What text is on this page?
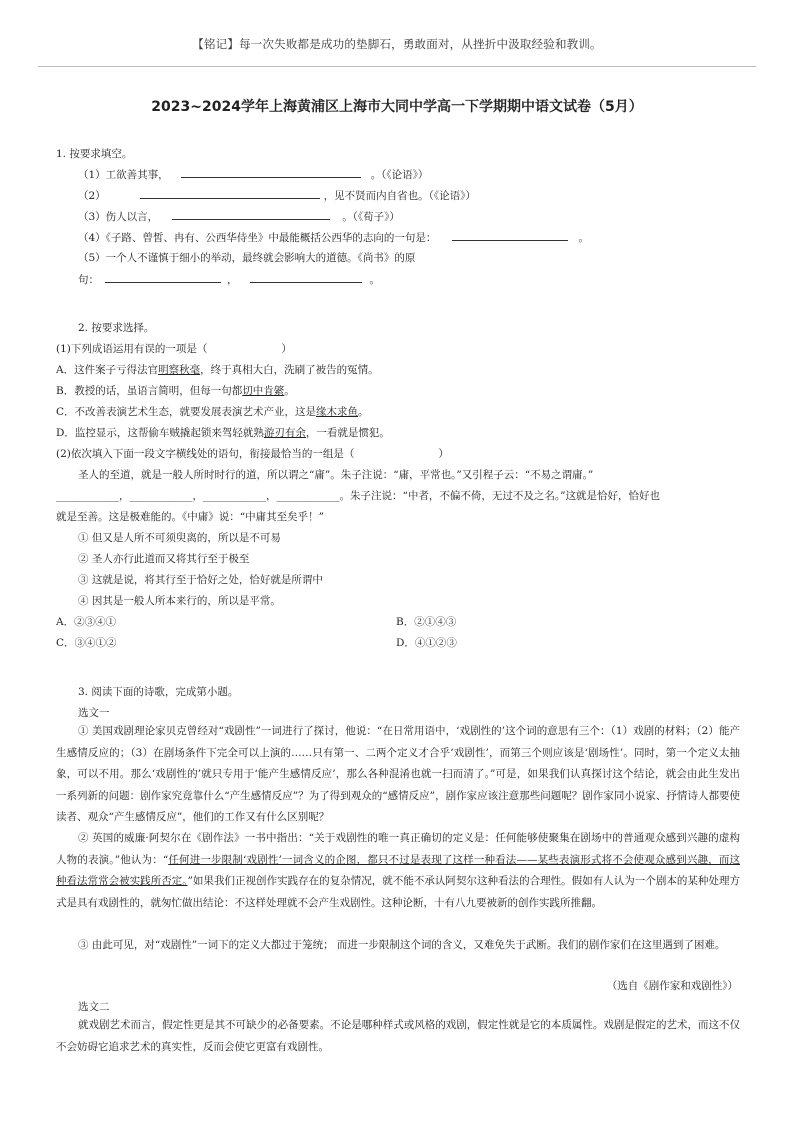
【铭记】每一次失败都是成功的垫脚石，勇敢面对，从挫折中汲取经验和教训。
2023~2024学年上海黄浦区上海市大同中学高一下学期期中语文试卷（5月）
1. 按要求填空。
（1）工欲善其事，	。（《论语》）
（2）	，见不贤而内自省也。（《论语》）
（3）伤人以言，	。（《荀子》）
（4）《子路、曾皙、冉有、公西华侍坐》中最能概括公西华的志向的一句是：	。
（5）一个人不谨慎于细小的举动，最终就会影响大的道德。《尚书》的原
句：	，	。
2. 按要求选择。
(1)下列成语运用有误的一项是（	）
A．这件案子亏得法官明察秋毫，终于真相大白，洗刷了被告的冤情。
B．教授的话，虽语言简明，但每一句都切中肯綮。
C．不改善表演艺术生态，就要发展表演艺术产业，这是缘木求鱼。
D．监控显示，这帮偷车贼撬起锁来驾轻就熟游刃有余，一看就是惯犯。
(2)依次填入下面一段文字横线处的语句，衔接最恰当的一组是（	）
圣人的至道，就是一般人所时时行的道，所以谓之“庸”。朱子注说：“庸，平常也。”又引程子云：“不易之谓庸。”
____________，____________，____________，____________。朱子注说：“中者，不偏不倚，无过不及之名。”这就是恰好，恰好也
就是至善。这是极难能的。《中庸》说：“中庸其至矣乎！”
① 但又是人所不可须臾离的，所以是不可易
② 圣人亦行此道而又将其行至于极至
③ 这就是说，将其行至于恰好之处，恰好就是所谓中
④ 因其是一般人所本来行的，所以是平常。
A．②③④①	B．②①④③
C．③④①②	D．④①②③
3. 阅读下面的诗歌，完成第小题。
选文一

① 美国戏剧理论家贝克曾经对“戏剧性”一词进行了探讨，他说：“在日常用语中，‘戏剧性的’这个词的意思有三个：（1）戏剧的材料；（2）能产生感情反应的；（3）在剧场条件下完全可以上演的……只有第一、二两个定义才合乎‘戏剧性’，而第三个则应该是‘剧场性’。同时，第一个定义太抽象，可以不用。那么‘戏剧性的’就只专用于‘能产生感情反应’，那么各种混淆也就一扫而清了。”可是，如果我们认真探讨这个结论，就会由此生发出 一系列新的问题：剧作家究竟靠什么“产生感情反应”？为了得到观众的“感情反应”，剧作家应该注意那些问题呢？剧作家同小说家、抒情诗人都要使读者、观众“产生感情反应”，他们的工作又有什么区别呢？

② 英国的威廉·阿契尔在《剧作法》一书中指出：“关于戏剧性的唯一真正确切的定义是：任何能够使聚集在剧场中的普通观众感到兴趣的虚构人物的表演。”他认为：“任何进一步限制‘戏剧性’一词含义的企图，都只不过是表现了这样一种看法——某些表演形式将不会使观众感到兴趣，而这种看法常常会被实践所否定。”如果我们正视创作实践存在的复杂情况，就不能不承认阿契尔这种看法的合理性。假如有人认为一个剧本的某种处理方式是具有戏剧性的，就匆忙做出结论：不这样处理就不会产生戏剧性。这种论断，十有八九要被新的创作实践所推翻。

③ 由此可见，对“戏剧性”一词下的定义大都过于笼统； 而进一步限制这个词的含义，又难免失于武断。我们的剧作家们在这里遇到了困难。

（选自《剧作家和戏剧性》）
选文二

就戏剧艺术而言，假定性更是其不可缺少的必备要素。不论是哪种样式或风格的戏剧，假定性就是它的本质属性。戏剧是假定的艺术，而这不仅不会妨碍它追求艺术的真实性，反而会使它更富有戏剧性。
